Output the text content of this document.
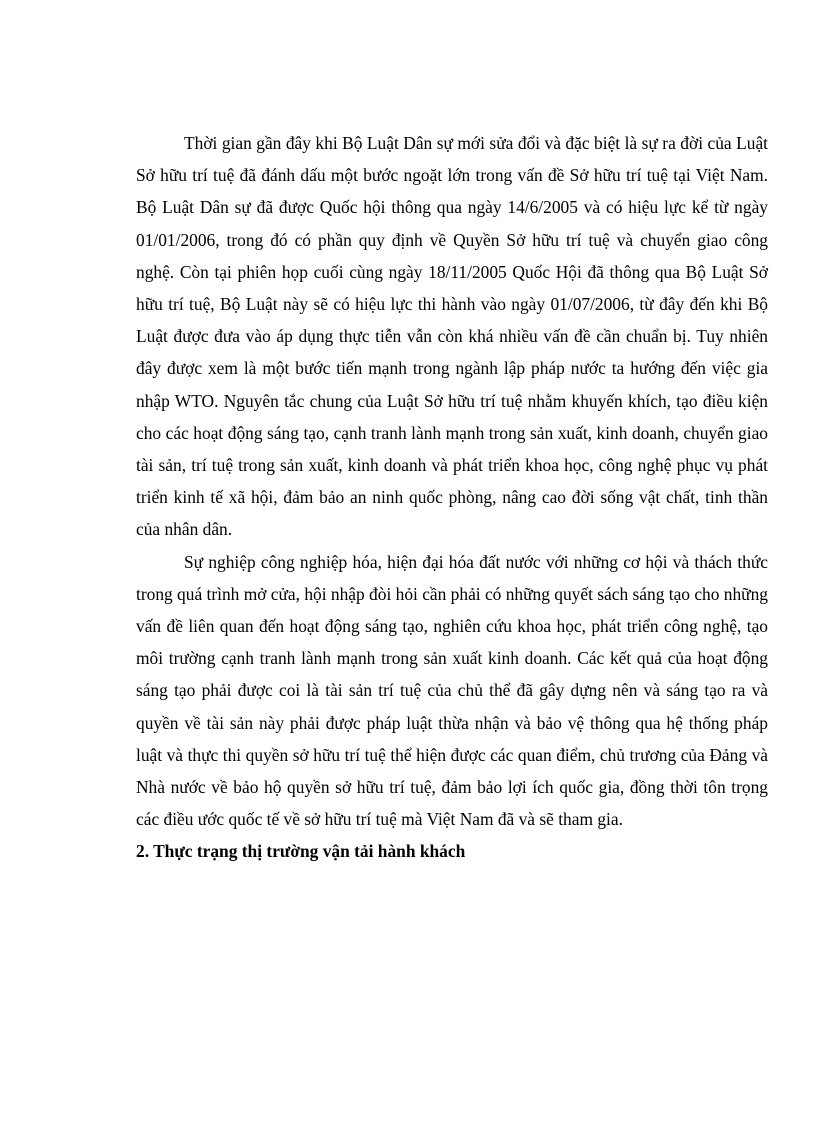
Thời gian gần đây khi Bộ Luật Dân sự mới sửa đổi và đặc biệt là sự ra đời của Luật Sở hữu trí tuệ đã đánh dấu một bước ngoặt lớn trong vấn đề Sở hữu trí tuệ tại Việt Nam. Bộ Luật Dân sự đã được Quốc hội thông qua ngày 14/6/2005 và có hiệu lực kể từ ngày 01/01/2006, trong đó có phần quy định về Quyền Sở hữu trí tuệ và chuyển giao công nghệ. Còn tại phiên họp cuối cùng ngày 18/11/2005 Quốc Hội đã thông qua Bộ Luật Sở hữu trí tuệ, Bộ Luật này sẽ có hiệu lực thi hành vào ngày 01/07/2006, từ đây đến khi Bộ Luật được đưa vào áp dụng thực tiễn vẫn còn khá nhiều vấn đề cần chuẩn bị. Tuy nhiên đây được xem là một bước tiến mạnh trong ngành lập pháp nước ta hướng đến việc gia nhập WTO. Nguyên tắc chung của Luật Sở hữu trí tuệ nhằm khuyến khích, tạo điều kiện cho các hoạt động sáng tạo, cạnh tranh lành mạnh trong sản xuất, kinh doanh, chuyển giao tài sản, trí tuệ trong sản xuất, kinh doanh và phát triển khoa học, công nghệ phục vụ phát triển kinh tế xã hội, đảm bảo an ninh quốc phòng, nâng cao đời sống vật chất, tinh thần của nhân dân.

Sự nghiệp công nghiệp hóa, hiện đại hóa đất nước với những cơ hội và thách thức trong quá trình mở cửa, hội nhập đòi hỏi cần phải có những quyết sách sáng tạo cho những vấn đề liên quan đến hoạt động sáng tạo, nghiên cứu khoa học, phát triển công nghệ, tạo môi trường cạnh tranh lành mạnh trong sản xuất kinh doanh. Các kết quả của hoạt động sáng tạo phải được coi là tài sản trí tuệ của chủ thể đã gây dựng nên và sáng tạo ra và quyền về tài sản này phải được pháp luật thừa nhận và bảo vệ thông qua hệ thống pháp luật và thực thi quyền sở hữu trí tuệ thể hiện được các quan điểm, chủ trương của Đảng và Nhà nước về bảo hộ quyền sở hữu trí tuệ, đảm bảo lợi ích quốc gia, đồng thời tôn trọng các điều ước quốc tế về sở hữu trí tuệ mà Việt Nam đã và sẽ tham gia.

2. Thực trạng thị trường vận tải hành khách
